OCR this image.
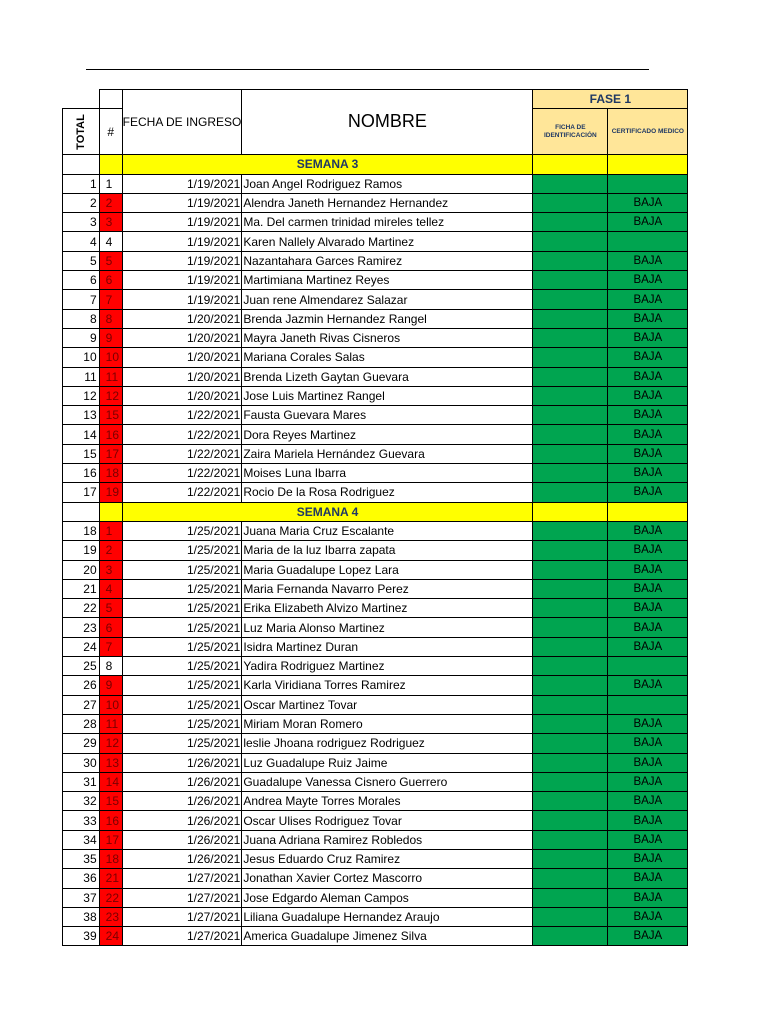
		FECHA DE INGRESO	NOMBRE	FASE 1	
TOTAL	#			FICHA DE IDENTIFICACIÓN	CERTIFICADO MEDICO
		SEMANA 3			
1	1	1/19/2021	Joan Angel Rodriguez Ramos		
2	2	1/19/2021	Alendra Janeth Hernandez Hernandez		BAJA
3	3	1/19/2021	Ma. Del carmen trinidad mireles tellez		BAJA
4	4	1/19/2021	Karen Nallely Alvarado Martinez		
5	5	1/19/2021	Nazantahara Garces Ramirez		BAJA
6	6	1/19/2021	Martimiana Martinez Reyes		BAJA
7	7	1/19/2021	Juan rene Almendarez Salazar		BAJA
8	8	1/20/2021	Brenda Jazmin Hernandez Rangel		BAJA
9	9	1/20/2021	Mayra Janeth Rivas Cisneros		BAJA
10	10	1/20/2021	Mariana Corales Salas		BAJA
11	11	1/20/2021	Brenda Lizeth Gaytan Guevara		BAJA
12	12	1/20/2021	Jose Luis Martinez Rangel		BAJA
13	15	1/22/2021	Fausta Guevara Mares		BAJA
14	16	1/22/2021	Dora Reyes Martinez		BAJA
15	17	1/22/2021	Zaira Mariela Hernández Guevara		BAJA
16	18	1/22/2021	Moises Luna Ibarra		BAJA
17	19	1/22/2021	Rocio De la Rosa Rodriguez		BAJA
		SEMANA 4			
18	1	1/25/2021	Juana Maria Cruz Escalante		BAJA
19	2	1/25/2021	Maria de la luz Ibarra zapata		BAJA
20	3	1/25/2021	Maria Guadalupe Lopez Lara		BAJA
21	4	1/25/2021	Maria Fernanda Navarro Perez		BAJA
22	5	1/25/2021	Erika Elizabeth Alvizo Martinez		BAJA
23	6	1/25/2021	Luz Maria Alonso Martinez		BAJA
24	7	1/25/2021	Isidra Martinez Duran		BAJA
25	8	1/25/2021	Yadira Rodriguez Martinez		
26	9	1/25/2021	Karla Viridiana Torres Ramirez		BAJA
27	10	1/25/2021	Oscar Martinez Tovar		
28	11	1/25/2021	Miriam Moran Romero		BAJA
29	12	1/25/2021	leslie Jhoana rodriguez Rodriguez		BAJA
30	13	1/26/2021	Luz Guadalupe Ruiz Jaime		BAJA
31	14	1/26/2021	Guadalupe Vanessa Cisnero Guerrero		BAJA
32	15	1/26/2021	Andrea Mayte Torres Morales		BAJA
33	16	1/26/2021	Oscar Ulises Rodriguez Tovar		BAJA
34	17	1/26/2021	Juana Adriana Ramirez Robledos		BAJA
35	18	1/26/2021	Jesus Eduardo Cruz Ramirez		BAJA
36	21	1/27/2021	Jonathan Xavier Cortez Mascorro		BAJA
37	22	1/27/2021	Jose Edgardo Aleman Campos		BAJA
38	23	1/27/2021	Liliana Guadalupe Hernandez Araujo		BAJA
39	24	1/27/2021	America Guadalupe Jimenez Silva		BAJA
